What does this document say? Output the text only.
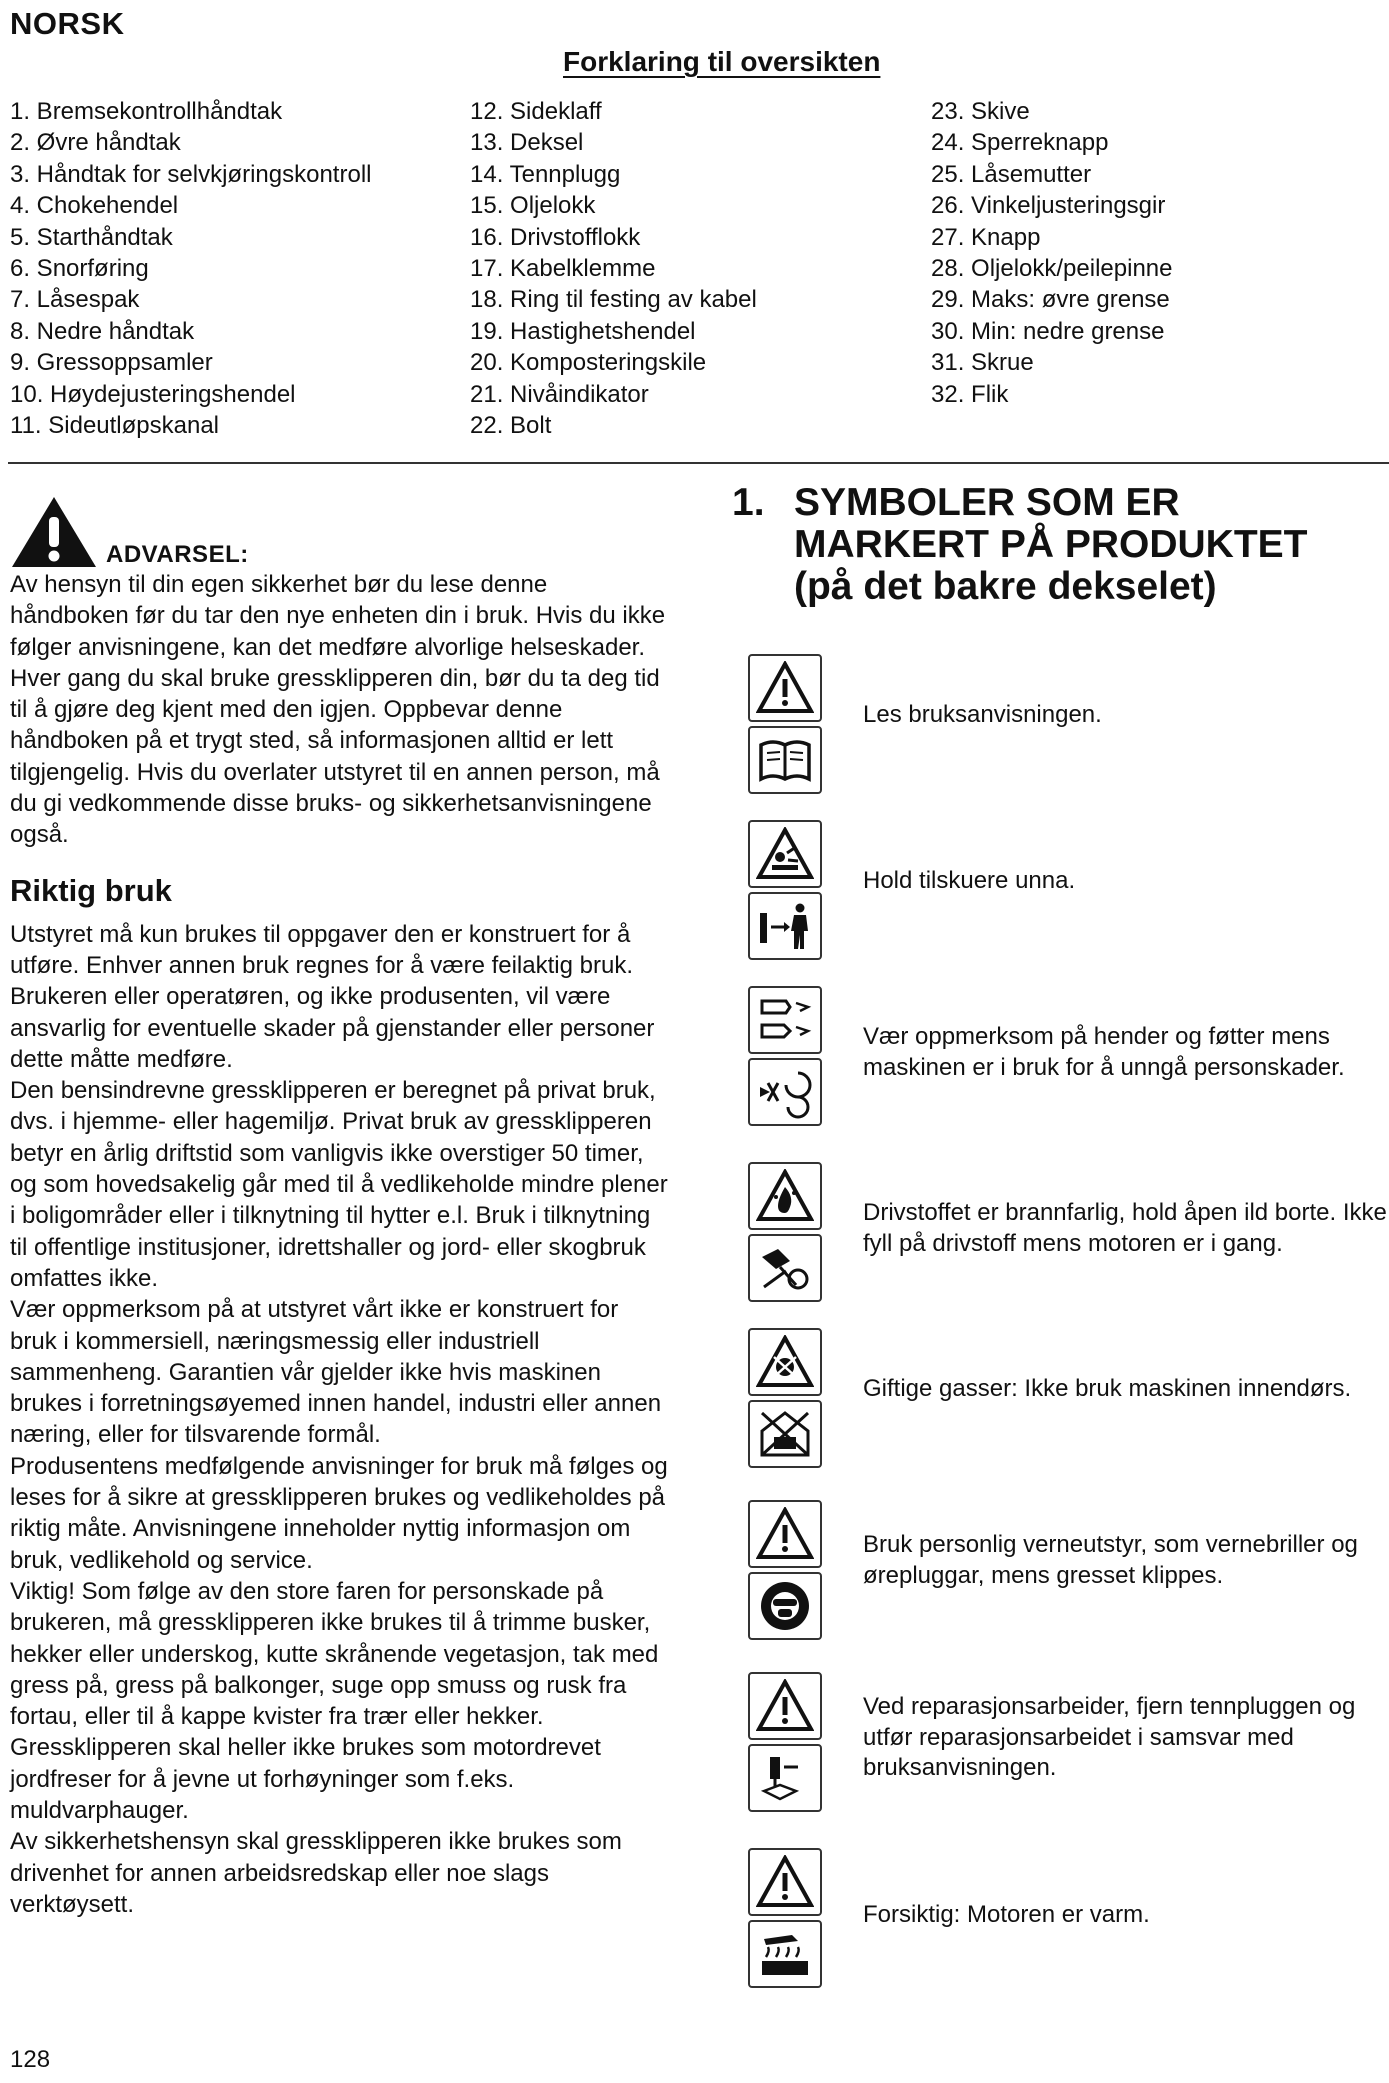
NORSK
Forklaring til oversikten
1. Bremsekontrollhåndtak
2. Øvre håndtak
3. Håndtak for selvkjøringskontroll
4. Chokehendel
5. Starthåndtak
6. Snorføring
7. Låsespak
8. Nedre håndtak
9. Gressoppsamler
10. Høydejusteringshendel
11. Sideutløpskanal
12. Sideklaff
13. Deksel
14. Tennplugg
15. Oljelokk
16. Drivstofflokk
17. Kabelklemme
18. Ring til festing av kabel
19. Hastighetshendel
20. Komposteringskile
21. Nivåindikator
22. Bolt
23. Skive
24. Sperreknapp
25. Låsemutter
26. Vinkeljusteringsgir
27. Knapp
28. Oljelokk/peilepinne
29. Maks: øvre grense
30. Min: nedre grense
31. Skrue
32. Flik
ADVARSEL:

Av hensyn til din egen sikkerhet bør du lese denne håndboken før du tar den nye enheten din i bruk. Hvis du ikke følger anvisningene, kan det medføre alvorlige helseskader. Hver gang du skal bruke gressklipperen din, bør du ta deg tid til å gjøre deg kjent med den igjen. Oppbevar denne håndboken på et trygt sted, så informasjonen alltid er lett tilgjengelig. Hvis du overlater utstyret til en annen person, må du gi vedkommende disse bruks- og sikkerhetsanvisningene også.

Riktig bruk

Utstyret må kun brukes til oppgaver den er konstruert for å utføre. Enhver annen bruk regnes for å være feilaktig bruk. Brukeren eller operatøren, og ikke produsenten, vil være ansvarlig for eventuelle skader på gjenstander eller personer dette måtte medføre.

Den bensindrevne gressklipperen er beregnet på privat bruk, dvs. i hjemme- eller hagemiljø. Privat bruk av gressklipperen betyr en årlig driftstid som vanligvis ikke overstiger 50 timer, og som hovedsakelig går med til å vedlikeholde mindre plener i boligområder eller i tilknytning til hytter e.l. Bruk i tilknytning til offentlige institusjoner, idrettshaller og jord- eller skogbruk omfattes ikke.

Vær oppmerksom på at utstyret vårt ikke er konstruert for bruk i kommersiell, næringsmessig eller industriell sammenheng. Garantien vår gjelder ikke hvis maskinen brukes i forretningsøyemed innen handel, industri eller annen næring, eller for tilsvarende formål.

Produsentens medfølgende anvisninger for bruk må følges og leses for å sikre at gressklipperen brukes og vedlikeholdes på riktig måte. Anvisningene inneholder nyttig informasjon om bruk, vedlikehold og service.

Viktig! Som følge av den store faren for personskade på brukeren, må gressklipperen ikke brukes til å trimme busker, hekker eller underskog, kutte skrånende vegetasjon, tak med gress på, gress på balkonger, suge opp smuss og rusk fra fortau, eller til å kappe kvister fra trær eller hekker. Gressklipperen skal heller ikke brukes som motordrevet jordfreser for å jevne ut forhøyninger som f.eks. muldvarphauger.

Av sikkerhetshensyn skal gressklipperen ikke brukes som drivenhet for annen arbeidsredskap eller noe slags verktøysett.

1. SYMBOLER SOM ER
MARKERT PÅ PRODUKTET
(på det bakre dekselet)
Les bruksanvisningen.
Hold tilskuere unna.
Vær oppmerksom på hender og føtter mens maskinen er i bruk for å unngå personskader.
Drivstoffet er brannfarlig, hold åpen ild borte. Ikke fyll på drivstoff mens motoren er i gang.
Giftige gasser: Ikke bruk maskinen innendørs.
Bruk personlig verneutstyr, som vernebriller og ørepluggar, mens gresset klippes.
Ved reparasjonsarbeider, fjern tennpluggen og utfør reparasjonsarbeidet i samsvar med bruksanvisningen.
Forsiktig: Motoren er varm.
128
